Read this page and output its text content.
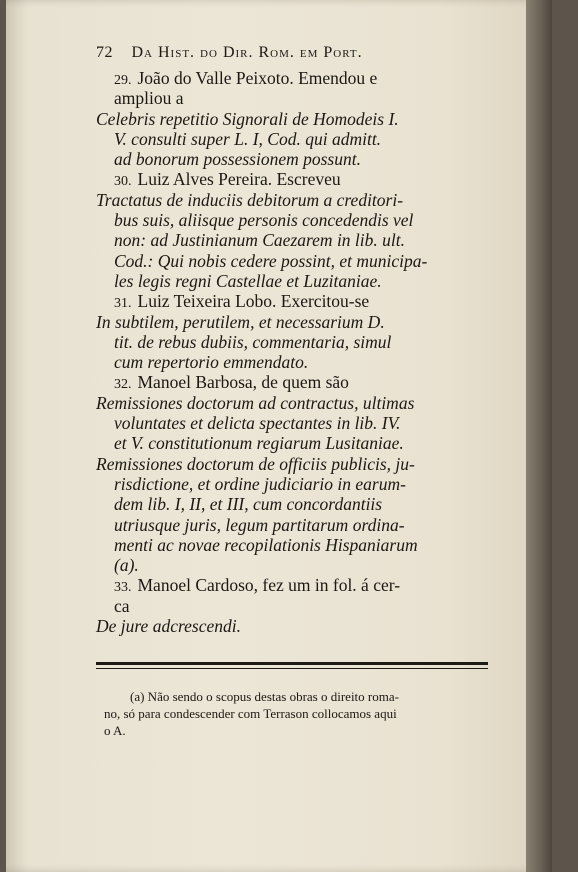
72 Da Hist. do Dir. Rom. em Port.
29. João do Valle Peixoto. Emendou e
ampliou a
Celebris repetitio Signorali de Homodeis I.
V. consulti super L. I, Cod. qui admitt.
ad bonorum possessionem possunt.
30. Luiz Alves Pereira. Escreveu
Tractatus de induciis debitorum a creditori-
bus suis, aliisque personis concedendis vel
non: ad Justinianum Caezarem in lib. ult.
Cod.: Qui nobis cedere possint, et municipa-
les legis regni Castellae et Luzitaniae.
31. Luiz Teixeira Lobo. Exercitou-se
In subtilem, perutilem, et necessarium D.
tit. de rebus dubiis, commentaria, simul
cum repertorio emmendato.
32. Manoel Barbosa, de quem são
Remissiones doctorum ad contractus, ultimas
voluntates et delicta spectantes in lib. IV.
et V. constitutionum regiarum Lusitaniae.
Remissiones doctorum de officiis publicis, ju-
risdictione, et ordine judiciario in earum-
dem lib. I, II, et III, cum concordantiis
utriusque juris, legum partitarum ordina-
menti ac novae recopilationis Hispaniarum
(a).
33. Manoel Cardoso, fez um in fol. á cer-
ca
De jure adcrescendi.
(a) Não sendo o scopus destas obras o direito roma-
no, só para condescender com Terrason collocamos aqui
o A.
